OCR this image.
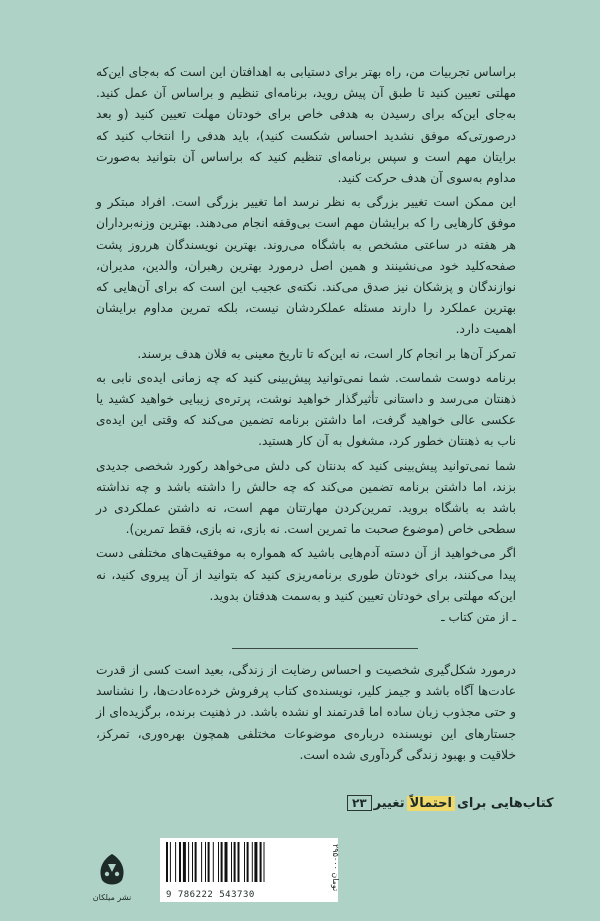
براساس تجربیات من، راه بهتر برای دستیابی به اهدافتان این است که به‌جای این‌که مهلتی تعیین کنید تا طبق آن پیش روید، برنامه‌ای تنظیم و براساس آن عمل کنید. به‌جای این‌که برای رسیدن به هدفی خاص برای خودتان مهلت تعیین کنید (و بعد درصورتی‌که موفق نشدید احساس شکست کنید)، باید هدفی را انتخاب کنید که برایتان مهم است و سپس برنامه‌ای تنظیم کنید که براساس آن بتوانید به‌صورت مداوم به‌سوی آن هدف حرکت کنید.

این ممکن است تغییر بزرگی به نظر نرسد اما تغییر بزرگی است. افراد مبتکر و موفق کارهایی را که برایشان مهم است بی‌وقفه انجام می‌دهند. بهترین وزنه‌برداران هر هفته در ساعتی مشخص به باشگاه می‌روند. بهترین نویسندگان هرروز پشت صفحه‌کلید خود می‌نشینند و همین اصل درمورد بهترین رهبران، والدین، مدیران، نوازندگان و پزشکان نیز صدق می‌کند. نکته‌ی عجیب این است که برای آن‌هایی که بهترین عملکرد را دارند مسئله عملکردشان نیست، بلکه تمرین مداوم برایشان اهمیت دارد.

تمرکز آن‌ها بر انجام کار است، نه این‌که تا تاریخ معینی به فلان هدف برسند.

برنامه دوست شماست. شما نمی‌توانید پیش‌بینی کنید که چه زمانی ایده‌ی نابی به ذهنتان می‌رسد و داستانی تأثیرگذار خواهید نوشت، پرتره‌ی زیبایی خواهید کشید یا عکسی عالی خواهید گرفت، اما داشتن برنامه تضمین می‌کند که وقتی این ایده‌ی ناب به ذهنتان خطور کرد، مشغول به آن کار هستید.

شما نمی‌توانید پیش‌بینی کنید که بدنتان کی دلش می‌خواهد رکورد شخصی جدیدی بزند، اما داشتن برنامه تضمین می‌کند که چه حالش را داشته باشد و چه نداشته باشد به باشگاه بروید. تمرین‌کردن مهارتتان مهم است، نه داشتن عملکردی در سطحی خاص (موضوع صحبت ما تمرین است. نه بازی، نه بازی، فقط تمرین).

اگر می‌خواهید از آن دسته آدم‌هایی باشید که همواره به موفقیت‌های مختلفی دست پیدا می‌کنند، برای خودتان طوری برنامه‌ریزی کنید که بتوانید از آن پیروی کنید، نه این‌که مهلتی برای خودتان تعیین کنید و به‌سمت هدفتان بدوید.

ـ از متن کتاب ـ
درمورد شکل‌گیری شخصیت و احساس رضایت از زندگی، بعید است کسی از قدرت عادت‌ها آگاه باشد و جیمز کلیر، نویسنده‌ی کتاب پرفروش خرده‌عادت‌ها، را نشناسد و حتی مجذوب زبان ساده اما قدرتمند او نشده باشد. در ذهنیت برنده، برگزیده‌ای از جستارهای این نویسنده درباره‌ی موضوعات مختلفی همچون بهره‌وری، تمرکز، خلاقیت و بهبود زندگی گردآوری شده است.
کتاب‌هایی برای
احتمالاً
تغییر
۲۳
۲۹۵۰۰۰ تومان
9 786222 543730
نشر میلکان
